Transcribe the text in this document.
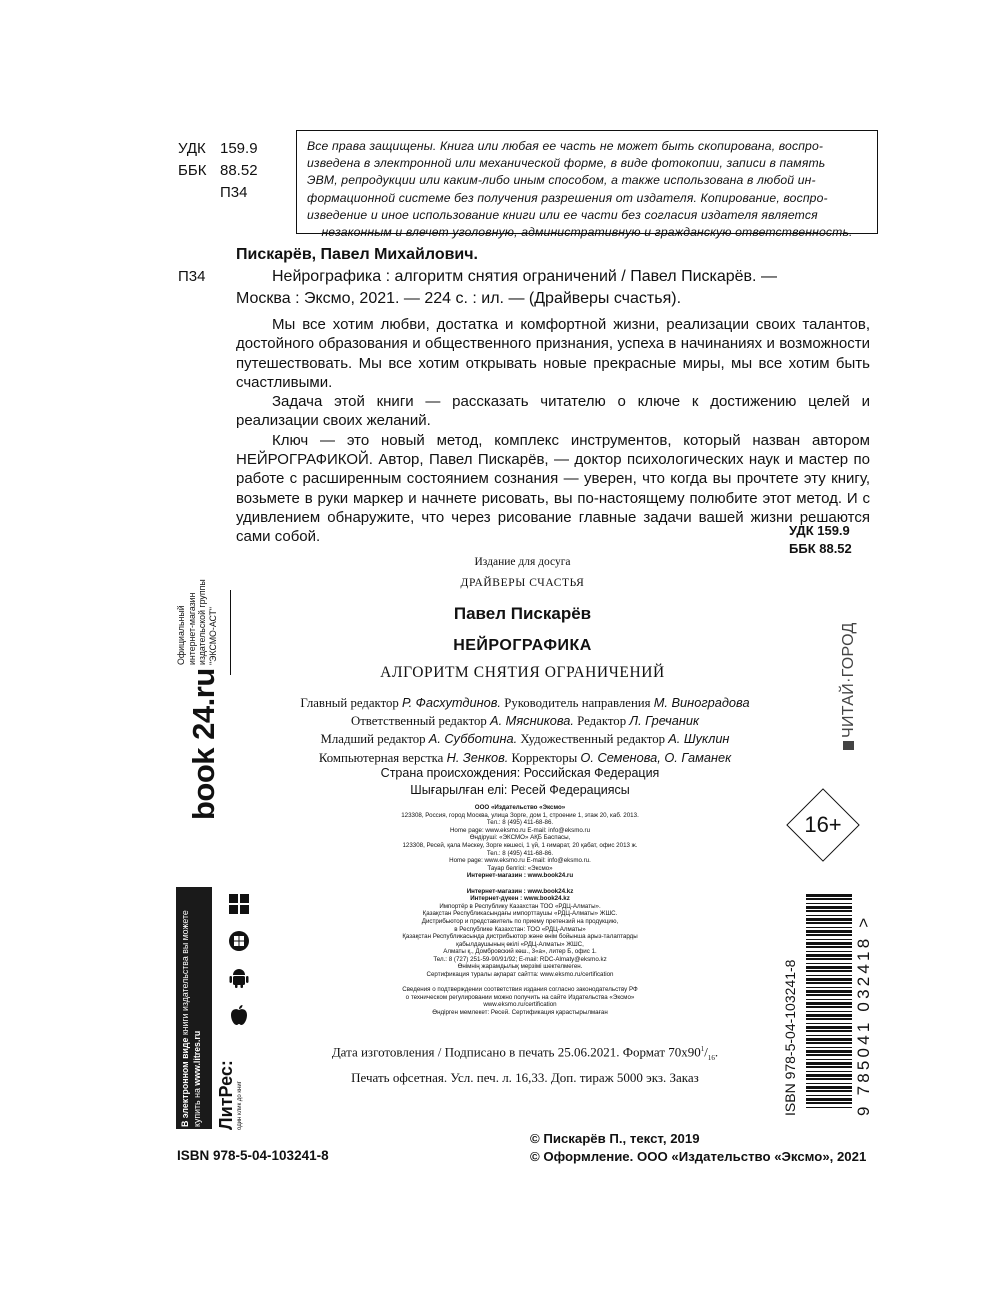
УДК 159.9
ББК 88.52
П34
Все права защищены. Книга или любая ее часть не может быть скопирована, воспро-
изведена в электронной или механической форме, в виде фотокопии, записи в память
ЭВМ, репродукции или каким-либо иным способом, а также использована в любой ин-
формационной системе без получения разрешения от издателя. Копирование, воспро-
изведение и иное использование книги или ее части без согласия издателя является
незаконным и влечет уголовную, административную и гражданскую ответственность.
Пискарёв, Павел Михайлович.
П34	Нейрографика : алгоритм снятия ограничений / Павел Пискарёв. —
Москва : Эксмо, 2021. — 224 с. : ил. — (Драйверы счастья).

Мы все хотим любви, достатка и комфортной жизни, реализации своих талантов, достойного образования и общественного признания, успеха в начинаниях и возможности путешествовать. Мы все хотим открывать новые прекрасные миры, мы все хотим быть счастливыми.

Задача этой книги — рассказать читателю о ключе к достижению целей и реализации своих желаний.

Ключ — это новый метод, комплекс инструментов, который назван автором НЕЙРОГРАФИКОЙ. Автор, Павел Пискарёв, — доктор психологических наук и мастер по работе с расширенным состоянием сознания — уверен, что когда вы прочтете эту книгу, возьмете в руки маркер и начнете рисовать, вы по-настоящему полюбите этот метод. И с удивлением обнаружите, что через рисование главные задачи вашей жизни решаются сами собой.	УДК 159.9
ББК 88.52
Издание для досуга
ДРАЙВЕРЫ СЧАСТЬЯ
Павел Пискарёв
НЕЙРОГРАФИКА
АЛГОРИТМ СНЯТИЯ ОГРАНИЧЕНИЙ
Главный редактор Р. Фасхутдинов. Руководитель направления М. Виноградова
Ответственный редактор А. Мясникова. Редактор Л. Гречаник
Младший редактор А. Субботина. Художественный редактор А. Шуклин
Компьютерная верстка Н. Зенков. Корректоры О. Семенова, О. Гаманек
Страна происхождения: Российская Федерация
Шығарылған елі: Ресей Федерациясы
ООО «Издательство «Эксмо»
123308, Россия, город Москва, улица Зорге, дом 1, строение 1, этаж 20, каб. 2013.
Тел.: 8 (495) 411-68-86.
Home page: www.eksmo.ru E-mail: info@eksmo.ru
Өндіруші: «ЭКСМО» АҚБ Баспасы,
123308, Ресей, қала Мәскеу, Зорге көшесі, 1 үй, 1 ғимарат, 20 қабат, офис 2013 ж.
Тел.: 8 (495) 411-68-86.
Home page: www.eksmo.ru E-mail: info@eksmo.ru.
Тауар белгісі: «Эксмо»
Интернет-магазин : www.book24.ru

Интернет-магазин : www.book24.kz
Интернет-дүкен : www.book24.kz
Импортёр в Республику Казахстан ТОО «РДЦ-Алматы».
Қазақстан Республикасындағы импорттаушы «РДЦ-Алматы» ЖШС.
Дистрибьютор и представитель по приему претензий на продукцию,
в Республике Казахстан: ТОО «РДЦ-Алматы»
Қазақстан Республикасында дистрибьютор және өнім бойынша арыз-талаптарды
қабылдаушының өкілі «РДЦ-Алматы» ЖШС,
Алматы қ., Домбровский көш., 3«а», литер Б, офис 1.
Тел.: 8 (727) 251-59-90/91/92; E-mail: RDC-Almaty@eksmo.kz
Өнімнің жарамдылық мерзімі шектелмеген.
Сертификация туралы ақпарат сайтта: www.eksmo.ru/certification

Сведения о подтверждении соответствия издания согласно законодательству РФ
о техническом регулировании можно получить на сайте Издательства «Эксмо»
www.eksmo.ru/certification
Өндірген мемлекет: Ресей. Сертификация қарастырылмаған
Дата изготовления / Подписано в печать 25.06.2021. Формат $70x90^1/_{16}$.
Печать офсетная. Усл. печ. л. 16,33. Доп. тираж 5000 экз. Заказ
ISBN 978-5-04-103241-8
© Пискарёв П., текст, 2019
© Оформление. ООО «Издательство «Эксмо», 2021
Официальный интернет-магазин издательской группы "ЭКСМО-АСТ"
book 24.ru
В электронном виде книги издательства вы можете
купить на www.litres.ru
ЛитРес: один клик до книг

ЧИТАЙ·ГОРОД
16+
ISBN 978-5-04-103241-8	9 785041 032418 >
